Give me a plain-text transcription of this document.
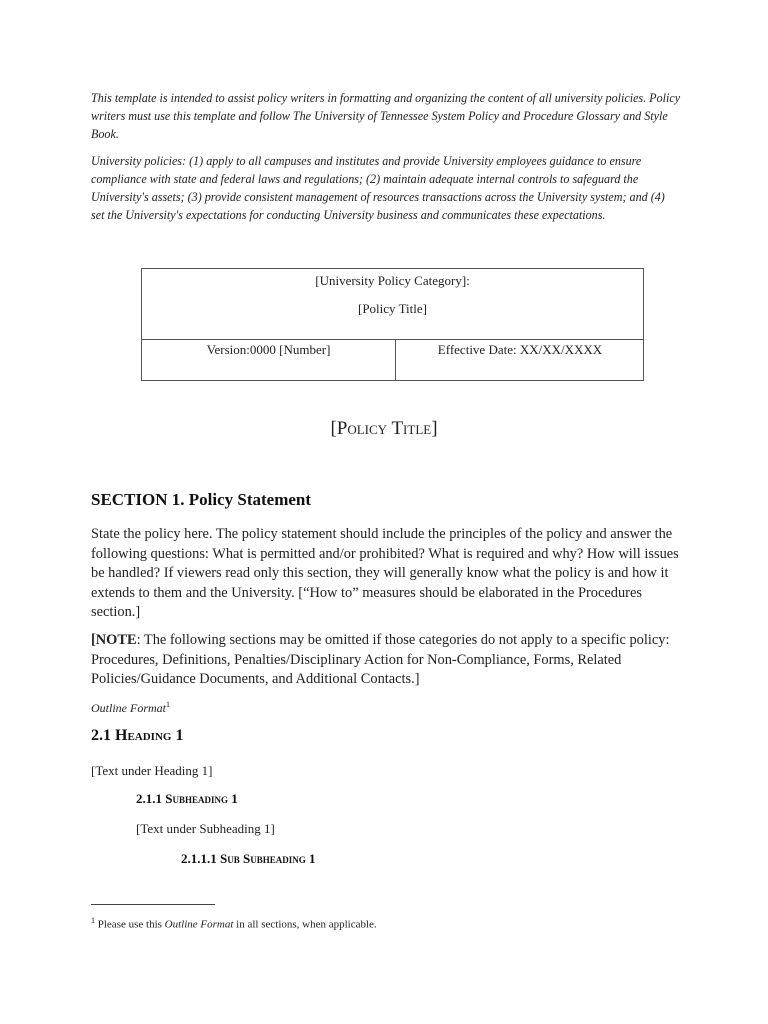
This template is intended to assist policy writers in formatting and organizing the content of all university policies. Policy writers must use this template and follow The University of Tennessee System Policy and Procedure Glossary and Style Book.

University policies: (1) apply to all campuses and institutes and provide University employees guidance to ensure compliance with state and federal laws and regulations; (2) maintain adequate internal controls to safeguard the University's assets; (3) provide consistent management of resources transactions across the University system; and (4) set the University's expectations for conducting University business and communicates these expectations.

[University Policy Category]:
[Policy Title]
Version:0000 [Number]	Effective Date: XX/XX/XXXX
[Policy Title]
SECTION 1. Policy Statement

State the policy here. The policy statement should include the principles of the policy and answer the following questions: What is permitted and/or prohibited? What is required and why? How will issues be handled? If viewers read only this section, they will generally know what the policy is and how it extends to them and the University. [“How to” measures should be elaborated in the Procedures section.]

[NOTE: The following sections may be omitted if those categories do not apply to a specific policy: Procedures, Definitions, Penalties/Disciplinary Action for Non-Compliance, Forms, Related Policies/Guidance Documents, and Additional Contacts.]

Outline Format$^1$
2.1 Heading 1
[Text under Heading 1]
2.1.1 Subheading 1
[Text under Subheading 1]
2.1.1.1 Sub Subheading 1
$^1$ Please use this Outline Format in all sections, when applicable.
